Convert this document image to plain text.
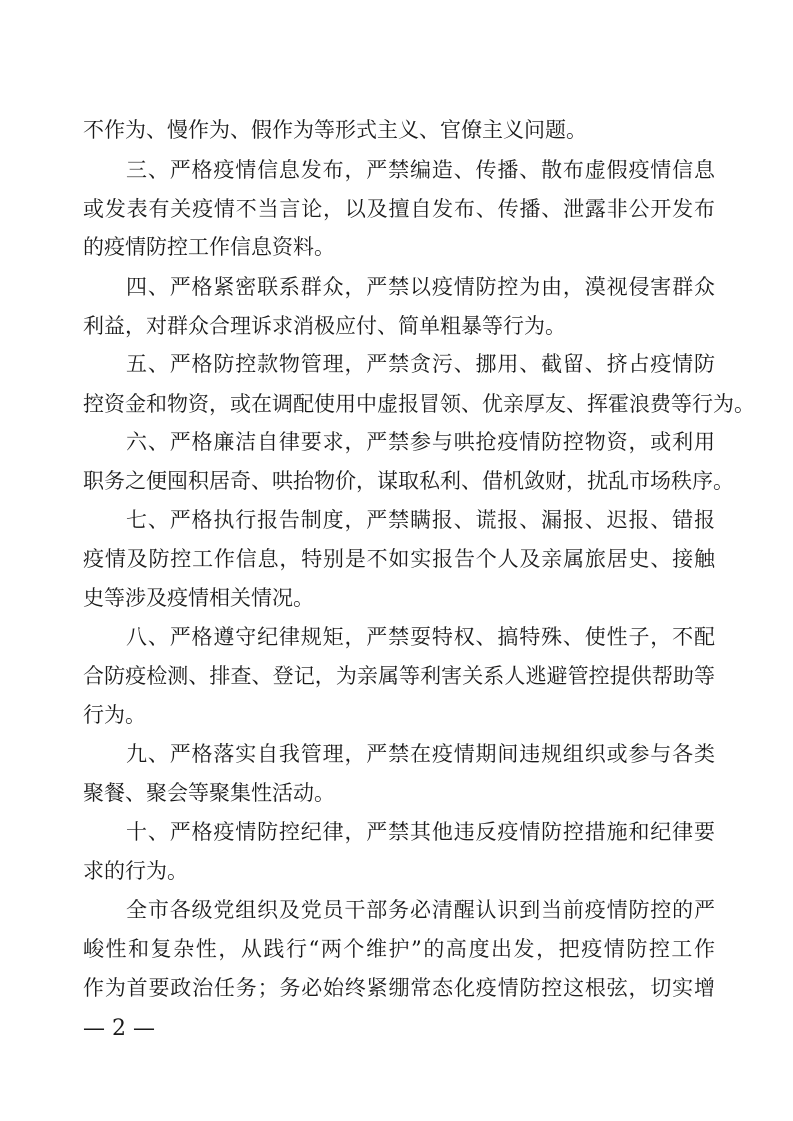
不作为、慢作为、假作为等形式主义、官僚主义问题。
三、严格疫情信息发布，严禁编造、传播、散布虚假疫情信息
或发表有关疫情不当言论，以及擅自发布、传播、泄露非公开发布
的疫情防控工作信息资料。
四、严格紧密联系群众，严禁以疫情防控为由，漠视侵害群众
利益，对群众合理诉求消极应付、简单粗暴等行为。
五、严格防控款物管理，严禁贪污、挪用、截留、挤占疫情防
控资金和物资，或在调配使用中虚报冒领、优亲厚友、挥霍浪费等行为。
六、严格廉洁自律要求，严禁参与哄抢疫情防控物资，或利用
职务之便囤积居奇、哄抬物价，谋取私利、借机敛财，扰乱市场秩序。
七、严格执行报告制度，严禁瞒报、谎报、漏报、迟报、错报
疫情及防控工作信息，特别是不如实报告个人及亲属旅居史、接触
史等涉及疫情相关情况。
八、严格遵守纪律规矩，严禁耍特权、搞特殊、使性子，不配
合防疫检测、排查、登记，为亲属等利害关系人逃避管控提供帮助等
行为。
九、严格落实自我管理，严禁在疫情期间违规组织或参与各类
聚餐、聚会等聚集性活动。
十、严格疫情防控纪律，严禁其他违反疫情防控措施和纪律要
求的行为。
全市各级党组织及党员干部务必清醒认识到当前疫情防控的严
峻性和复杂性，从践行“两个维护”的高度出发，把疫情防控工作
作为首要政治任务；务必始终紧绷常态化疫情防控这根弦，切实增
— 2 —
